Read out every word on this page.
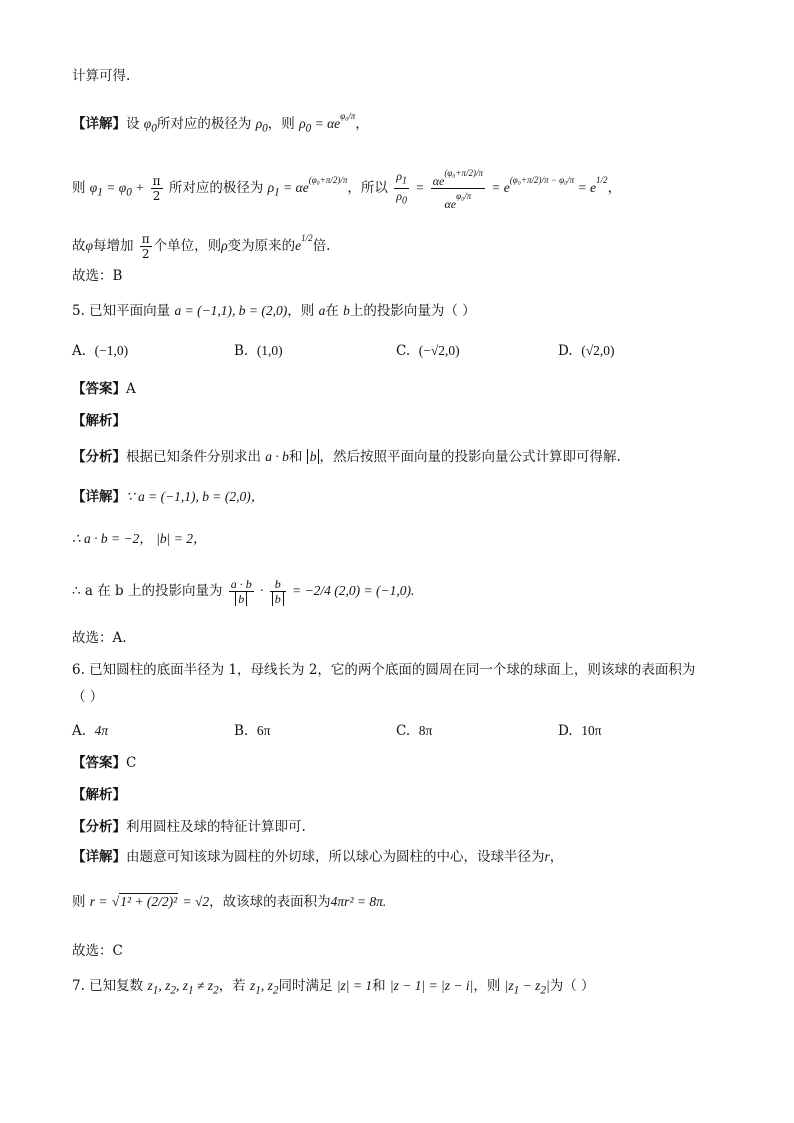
计算可得.
【详解】设 $\varphi_0$所对应的极径为 $\rho_0$，则 $\rho_0 = \alpha e^{\varphi_0/\pi}$，
则 $\varphi_1 = \varphi_0 + \frac{\pi}{2}$ 所对应的极径为 $\rho_1 = \alpha e^{(\varphi_0+\pi/2)/\pi}$，所以 $\frac{\rho_1}{\rho_0} = \frac{\alpha e^{(\varphi_0+\pi/2)/\pi}}{\alpha e^{\varphi_0/\pi}} = e^{(\varphi_0+\pi/2)/\pi - \varphi_0/\pi} = e^{1/2}$，
故φ每增加 $\frac{\pi}{2}$ 个单位，则ρ变为原来的$e^{1/2}$倍.
故选：B
5. 已知平面向量 a = (−1,1), b = (2,0)，则 a在 b上的投影向量为（ ）
A. (−1,0)	B. (1,0)	C. (−√2,0)	D. (√2,0)
【答案】A
【解析】
【分析】根据已知条件分别求出 a · b和 b ，然后按照平面向量的投影向量公式计算即可得解.
【详解】∵ a = (−1,1), b = (2,0)，
∴ a · b = −2， |b| = 2，
∴ a 在 b 上的投影向量为 $\frac{a \cdot b}{b} \cdot \frac{b}{b} = -2/4$ (2,0) = (−1,0).
故选：A.
6. 已知圆柱的底面半径为 1，母线长为 2，它的两个底面的圆周在同一个球的球面上，则该球的表面积为
（ ）
A. 4π	B. 6π	C. 8π	D. 10π
【答案】C
【解析】
【分析】利用圆柱及球的特征计算即可.
【详解】由题意可知该球为圆柱的外切球，所以球心为圆柱的中心，设球半径为r，
则 r = √1² + (2/2)² = √2，故该球的表面积为4πr² = 8π.
故选：C
7. 已知复数 $z_1$, $z_2$, $z_1 \ne z_2$，若 $z_1$, $z_2$同时满足 |z| = 1和 |z − 1| = |z − i|，则 $|z_1 - z_2|$为（ ）
